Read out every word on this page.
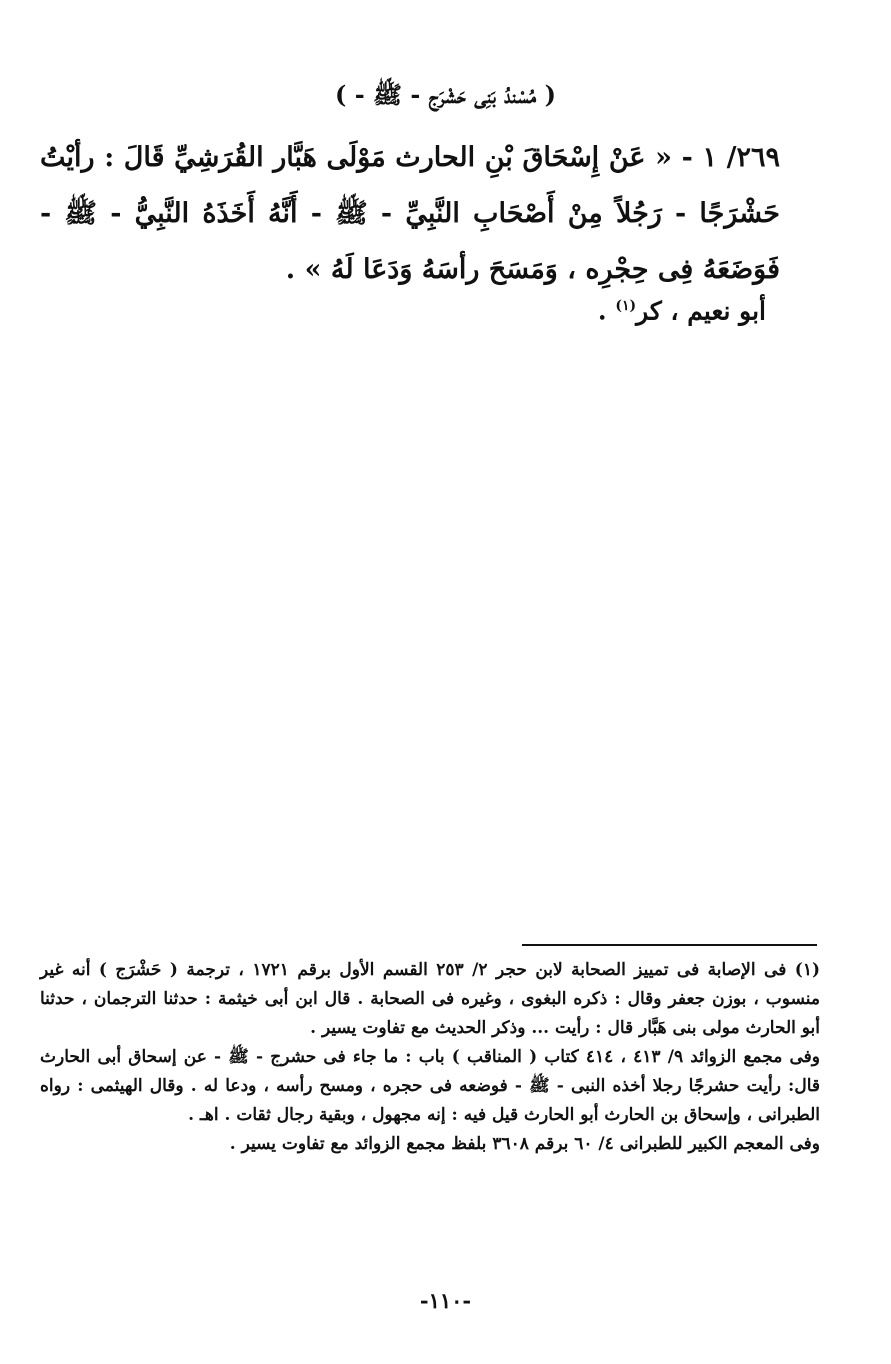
( مُسْندُ بَنِى حَشْرَج - ﷺ - )
٢٦٩/ ١ - « عَنْ إِسْحَاقَ بْنِ الحارث مَوْلَى هَبَّار القُرَشِيِّ قَالَ : رأيْتُ حَشْرَجًا - رَجُلاً مِنْ أَصْحَابِ النَّبِيِّ - ﷺ - أَنَّهُ أَخَذَهُ النَّبِيُّ - ﷺ - فَوَضَعَهُ فِى حِجْرِه ، وَمَسَحَ رأسَهُ وَدَعَا لَهُ » .
أبو نعيم ، كر$^{(١)}$ .

(١) فى الإصابة فى تمييز الصحابة لابن حجر ٢/ ٢٥٣ القسم الأول برقم ١٧٢١ ، ترجمة ( حَشْرَج ) أنه غير منسوب ، بوزن جعفر وقال : ذكره البغوى ، وغيره فى الصحابة . قال ابن أبى خيثمة : حدثنا الترجمان ، حدثنا أبو الحارث مولى بنى هَبَّار قال : رأيت ... وذكر الحديث مع تفاوت يسير .

وفى مجمع الزوائد ٩/ ٤١٣ ، ٤١٤ كتاب ( المناقب ) باب : ما جاء فى حشرج - ﷺ - عن إسحاق أبى الحارث قال: رأيت حشرجًا رجلا أخذه النبى - ﷺ - فوضعه فى حجره ، ومسح رأسه ، ودعا له . وقال الهيثمى : رواه الطبرانى ، وإسحاق بن الحارث أبو الحارث قيل فيه : إنه مجهول ، وبقية رجال ثقات . اهـ .

وفى المعجم الكبير للطبرانى ٤/ ٦٠ برقم ٣٦٠٨ بلفظ مجمع الزوائد مع تفاوت يسير .

-١١٠-
